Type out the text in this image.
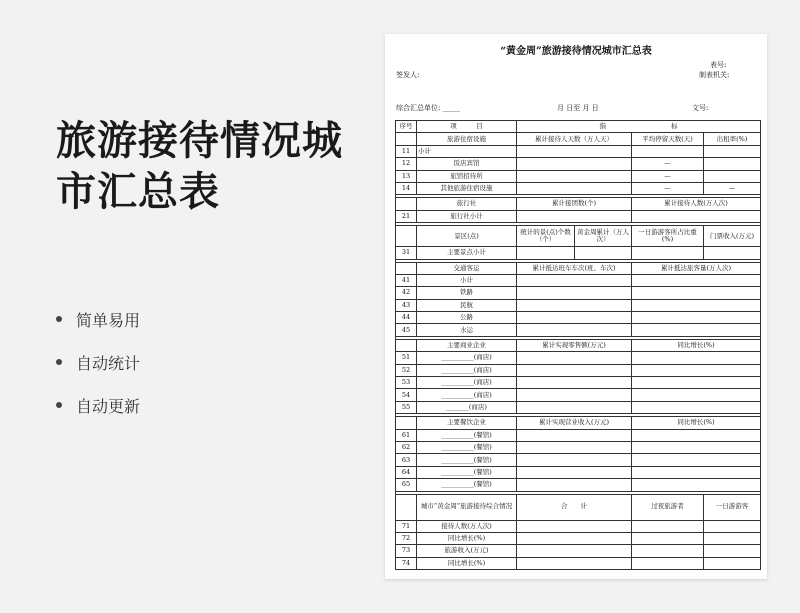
旅游接待情况城
市汇总表
简单易用
自动统计
自动更新
“黄金周”旅游接待情况城市汇总表
表号:
签发人:	制表机关:
综合汇总单位: _____	月 日至 月 日	文号:
序号	项　　　目	指　　　　　　　　　　标			
	旅游住宿设施	累计接待人天数（万人天）		平均停留天数(天)	出租率(%)
11	小计				
12	饭店宾馆			—	
13	旅馆招待所			—	
14	其他旅游住宿设施			—	—

	旅行社	累计接团数(个)		累计接待人数(万人次)	
21	旅行社小计				

	景区(点)	统计的景(点)个数（个）	黄金周累计（万人次）	一日游游客所占比重(%)	门票收入(万元)
31	主要景点小计				

	交通客运	累计抵达班车车次(班、车次)		累计抵达旅客量(万人次)	
41	小计				
42	铁路				
43	民航				
44	公路				
45	水运				

	主要商业企业	累计实现零售额(万元)		同比增长(%)	
51	__________(商店)				
52	__________(商店)				
53	__________(商店)				
54	__________(商店)				
55	_______(商店)				

	主要餐饮企业	累计实现营业收入(万元)		同比增长(%)	
61	__________(餐馆)				
62	__________(餐馆)				
63	__________(餐馆)				
64	__________(餐馆)				
65	__________(餐馆)				

	城市“黄金周”旅游接待综合情况	合　　计		过夜旅游者	一日游游客
71	接待人数(万人次)				
72	同比增长(%)				
73	旅游收入(万元)				
74	同比增长(%)				
